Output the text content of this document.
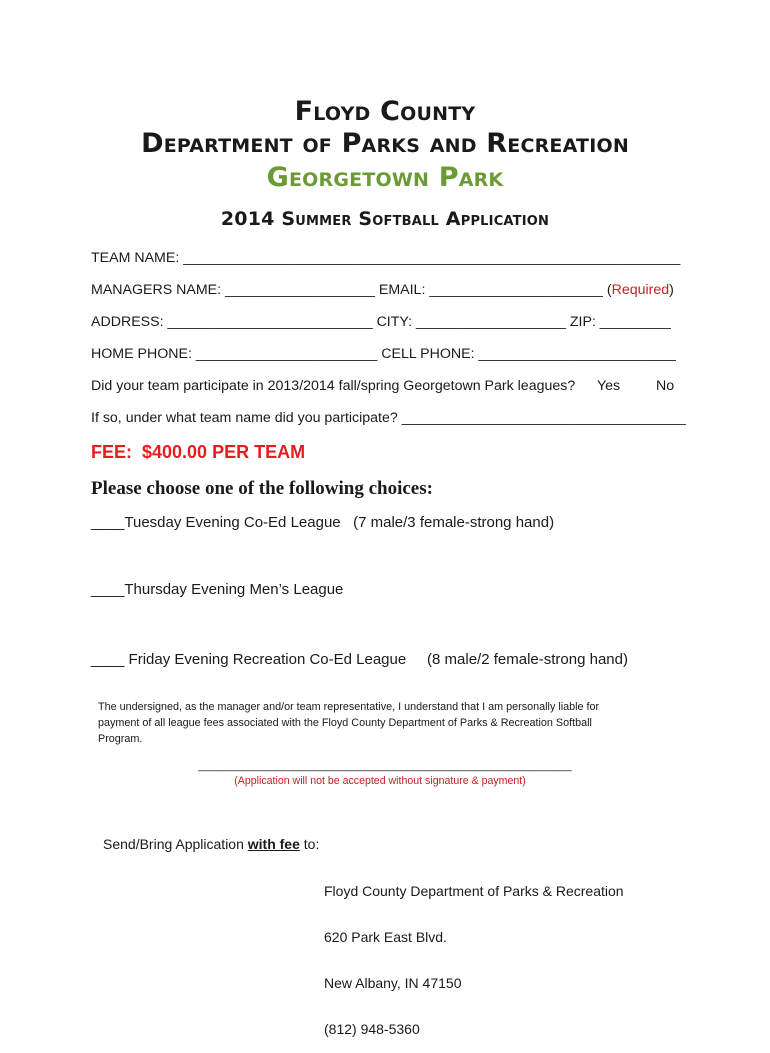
Floyd County
Department of Parks and Recreation
Georgetown Park
2014 Summer Softball Application
TEAM NAME: _______________________________________________________________
MANAGERS NAME: ___________________ EMAIL: ______________________ (Required)
ADDRESS: __________________________ CITY: ___________________ ZIP: _________
HOME PHONE: _______________________ CELL PHONE: _________________________
Did your team participate in 2013/2014 fall/spring Georgetown Park leagues? Yes	No
If so, under what team name did you participate? ____________________________________
FEE:  $400.00 PER TEAM
Please choose one of the following choices:
____Tuesday Evening Co-Ed League   (7 male/3 female-strong hand)
____Thursday Evening Men’s League
____ Friday Evening Recreation Co-Ed League     (8 male/2 female-strong hand)
The undersigned, as the manager and/or team representative, I understand that I am personally liable for payment of all league fees associated with the Floyd County Department of Parks & Recreation Softball Program.
_____________________________________________________________
(Application will not be accepted without signature & payment)
Send/Bring Application with fee to:

Floyd County Department of Parks & Recreation

620 Park East Blvd.

New Albany, IN 47150

(812) 948-5360
